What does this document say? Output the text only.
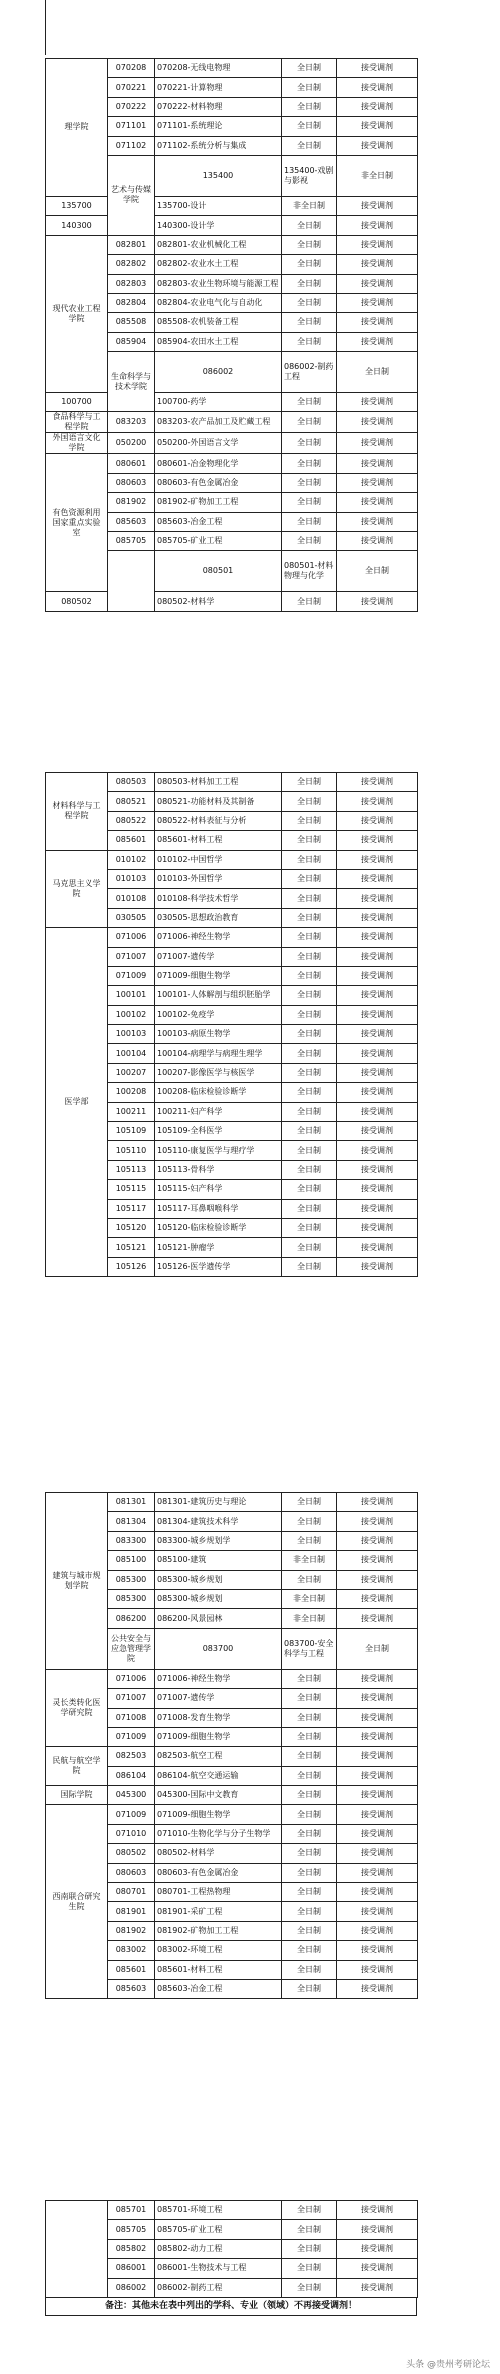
理学院	070208	070208-无线电物理	全日制	接受调剂	
	070221	070221-计算物理	全日制	接受调剂	
	070222	070222-材料物理	全日制	接受调剂	
	071101	071101-系统理论	全日制	接受调剂	
	071102	071102-系统分析与集成	全日制	接受调剂	
	艺术与传媒学院	135400	135400-戏剧与影视	非全日制	
135700		135700-设计	非全日制	接受调剂	
140300		140300-设计学	全日制	接受调剂	
现代农业工程学院	082801	082801-农业机械化工程	全日制	接受调剂	
	082802	082802-农业水土工程	全日制	接受调剂	
	082803	082803-农业生物环境与能源工程	全日制	接受调剂	
	082804	082804-农业电气化与自动化	全日制	接受调剂	
	085508	085508-农机装备工程	全日制	接受调剂	
	085904	085904-农田水土工程	全日制	接受调剂	
	生命科学与技术学院	086002	086002-制药工程	全日制	
100700		100700-药学	全日制	接受调剂	
食品科学与工程学院	083203	083203-农产品加工及贮藏工程	全日制	接受调剂	
外国语言文化学院	050200	050200-外国语言文学	全日制	接受调剂	
有色资源利用国家重点实验室	080601	080601-冶金物理化学	全日制	接受调剂	
	080603	080603-有色金属冶金	全日制	接受调剂	
	081902	081902-矿物加工工程	全日制	接受调剂	
	085603	085603-冶金工程	全日制	接受调剂	
	085705	085705-矿业工程	全日制	接受调剂	
		080501	080501-材料物理与化学	全日制	
080502		080502-材料学	全日制	接受调剂	
材料科学与工程学院	080503	080503-材料加工工程	全日制	接受调剂
	080521	080521-功能材料及其制备	全日制	接受调剂
	080522	080522-材料表征与分析	全日制	接受调剂
	085601	085601-材料工程	全日制	接受调剂
马克思主义学院	010102	010102-中国哲学	全日制	接受调剂
	010103	010103-外国哲学	全日制	接受调剂
	010108	010108-科学技术哲学	全日制	接受调剂
	030505	030505-思想政治教育	全日制	接受调剂
医学部	071006	071006-神经生物学	全日制	接受调剂
	071007	071007-遗传学	全日制	接受调剂
	071009	071009-细胞生物学	全日制	接受调剂
	100101	100101-人体解剖与组织胚胎学	全日制	接受调剂
	100102	100102-免疫学	全日制	接受调剂
	100103	100103-病原生物学	全日制	接受调剂
	100104	100104-病理学与病理生理学	全日制	接受调剂
	100207	100207-影像医学与核医学	全日制	接受调剂
	100208	100208-临床检验诊断学	全日制	接受调剂
	100211	100211-妇产科学	全日制	接受调剂
	105109	105109-全科医学	全日制	接受调剂
	105110	105110-康复医学与理疗学	全日制	接受调剂
	105113	105113-骨科学	全日制	接受调剂
	105115	105115-妇产科学	全日制	接受调剂
	105117	105117-耳鼻咽喉科学	全日制	接受调剂
	105120	105120-临床检验诊断学	全日制	接受调剂
	105121	105121-肿瘤学	全日制	接受调剂
	105126	105126-医学遗传学	全日制	接受调剂
建筑与城市规划学院	081301	081301-建筑历史与理论	全日制	接受调剂	
	081304	081304-建筑技术科学	全日制	接受调剂	
	083300	083300-城乡规划学	全日制	接受调剂	
	085100	085100-建筑	非全日制	接受调剂	
	085300	085300-城乡规划	全日制	接受调剂	
	085300	085300-城乡规划	非全日制	接受调剂	
	086200	086200-风景园林	非全日制	接受调剂	
	公共安全与应急管理学院	083700	083700-安全科学与工程	全日制	
灵长类转化医学研究院	071006	071006-神经生物学	全日制	接受调剂	
	071007	071007-遗传学	全日制	接受调剂	
	071008	071008-发育生物学	全日制	接受调剂	
	071009	071009-细胞生物学	全日制	接受调剂	
民航与航空学院	082503	082503-航空工程	全日制	接受调剂	
	086104	086104-航空交通运输	全日制	接受调剂	
国际学院	045300	045300-国际中文教育	全日制	接受调剂	
西南联合研究生院	071009	071009-细胞生物学	全日制	接受调剂	
	071010	071010-生物化学与分子生物学	全日制	接受调剂	
	080502	080502-材料学	全日制	接受调剂	
	080603	080603-有色金属冶金	全日制	接受调剂	
	080701	080701-工程热物理	全日制	接受调剂	
	081901	081901-采矿工程	全日制	接受调剂	
	081902	081902-矿物加工工程	全日制	接受调剂	
	083002	083002-环境工程	全日制	接受调剂	
	085601	085601-材料工程	全日制	接受调剂	
	085603	085603-冶金工程	全日制	接受调剂	
	085701	085701-环境工程	全日制	接受调剂
	085705	085705-矿业工程	全日制	接受调剂
	085802	085802-动力工程	全日制	接受调剂
	086001	086001-生物技术与工程	全日制	接受调剂
	086002	086002-制药工程	全日制	接受调剂
备注：其他未在表中列出的学科、专业（领域）不再接受调剂！
头条 @贵州考研论坛
